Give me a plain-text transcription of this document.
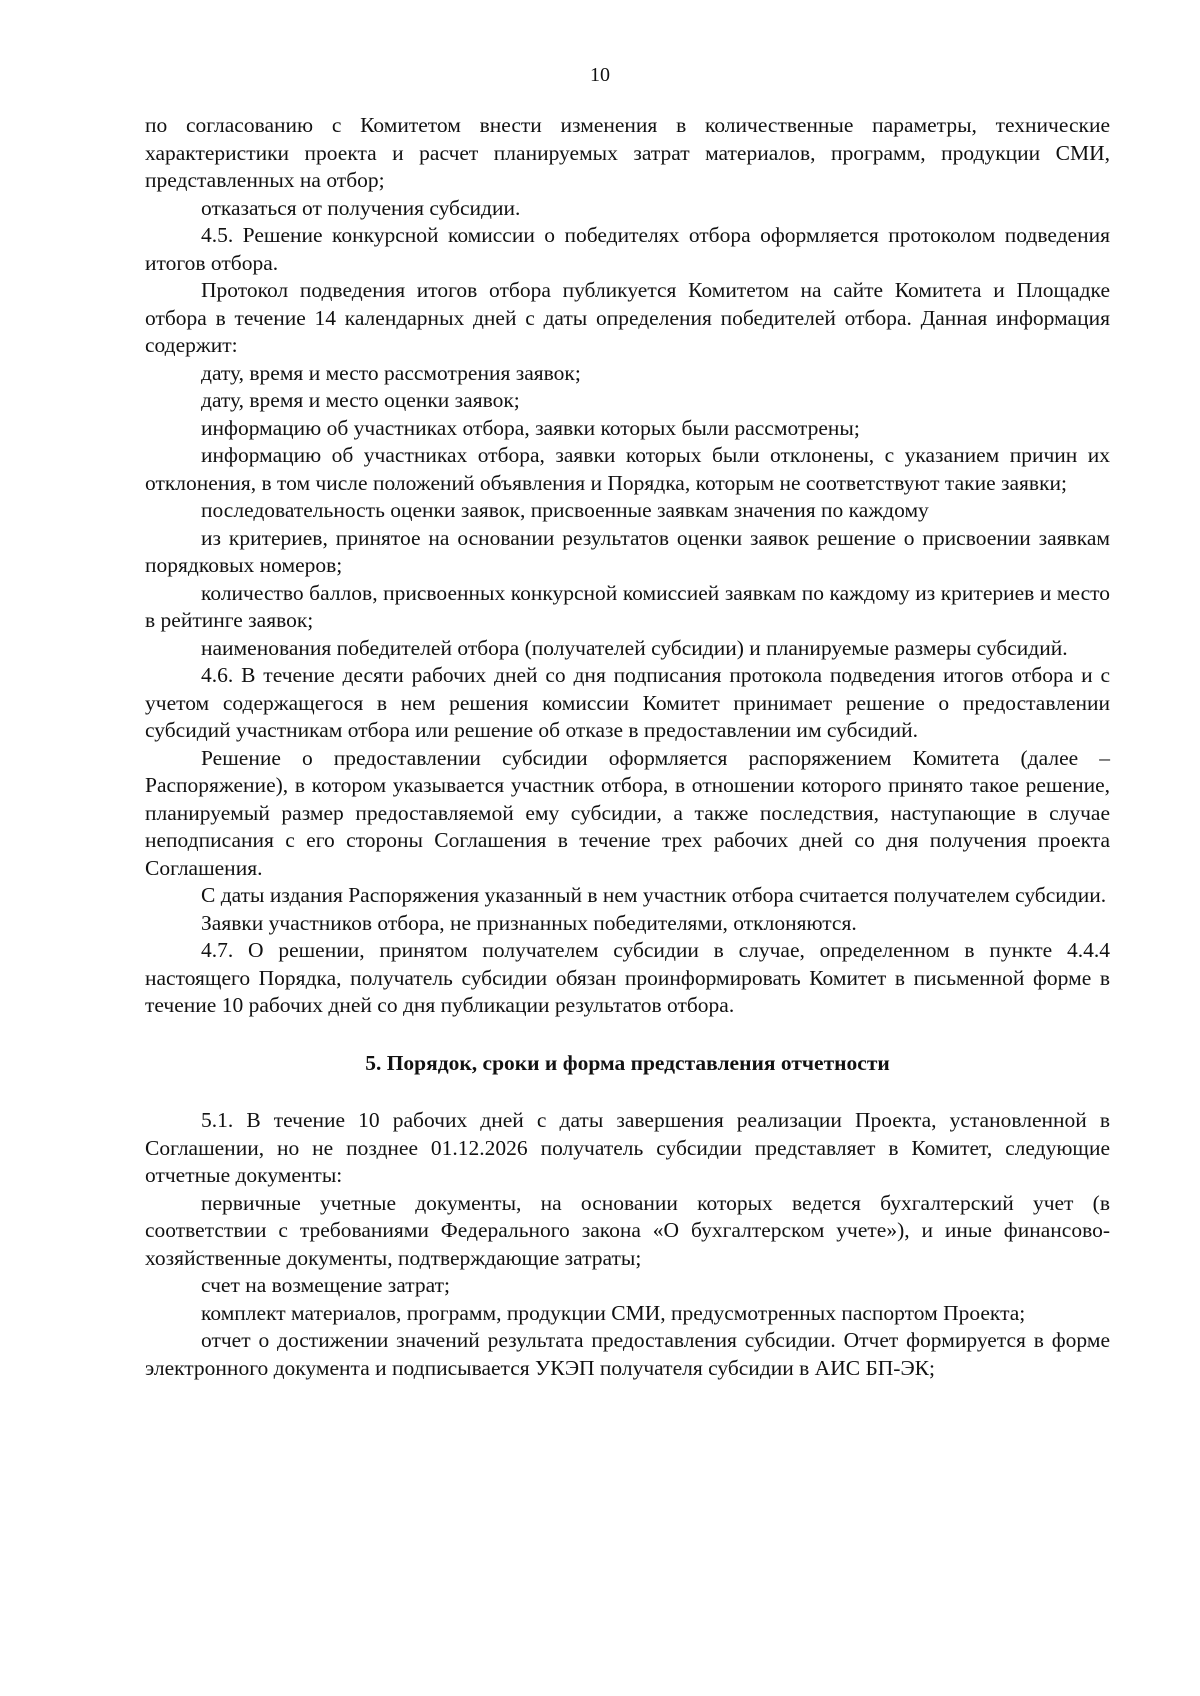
10

по согласованию с Комитетом внести изменения в количественные параметры, технические характеристики проекта и расчет планируемых затрат материалов, программ, продукции СМИ, представленных на отбор;

отказаться от получения субсидии.

4.5. Решение конкурсной комиссии о победителях отбора оформляется протоколом подведения итогов отбора.

Протокол подведения итогов отбора публикуется Комитетом на сайте Комитета и Площадке отбора в течение 14 календарных дней с даты определения победителей отбора. Данная информация содержит:

дату, время и место рассмотрения заявок;

дату, время и место оценки заявок;

информацию об участниках отбора, заявки которых были рассмотрены;

информацию об участниках отбора, заявки которых были отклонены, с указанием причин их отклонения, в том числе положений объявления и Порядка, которым не соответствуют такие заявки;

последовательность оценки заявок, присвоенные заявкам значения по каждому

из критериев, принятое на основании результатов оценки заявок решение о присвоении заявкам порядковых номеров;

количество баллов, присвоенных конкурсной комиссией заявкам по каждому из критериев и место в рейтинге заявок;

наименования победителей отбора (получателей субсидии) и планируемые размеры субсидий.

4.6. В течение десяти рабочих дней со дня подписания протокола подведения итогов отбора и с учетом содержащегося в нем решения комиссии Комитет принимает решение о предоставлении субсидий участникам отбора или решение об отказе в предоставлении им субсидий.

Решение о предоставлении субсидии оформляется распоряжением Комитета (далее – Распоряжение), в котором указывается участник отбора, в отношении которого принято такое решение, планируемый размер предоставляемой ему субсидии, а также последствия, наступающие в случае неподписания с его стороны Соглашения в течение трех рабочих дней со дня получения проекта Соглашения.

С даты издания Распоряжения указанный в нем участник отбора считается получателем субсидии.

Заявки участников отбора, не признанных победителями, отклоняются.

4.7. О решении, принятом получателем субсидии в случае, определенном в пункте 4.4.4 настоящего Порядка, получатель субсидии обязан проинформировать Комитет в письменной форме в течение 10 рабочих дней со дня публикации результатов отбора.

5. Порядок, сроки и форма представления отчетности

5.1. В течение 10 рабочих дней с даты завершения реализации Проекта, установленной в Соглашении, но не позднее 01.12.2026 получатель субсидии представляет в Комитет, следующие отчетные документы:

первичные учетные документы, на основании которых ведется бухгалтерский учет (в соответствии с требованиями Федерального закона «О бухгалтерском учете»), и иные финансово-хозяйственные документы, подтверждающие затраты;

счет на возмещение затрат;

комплект материалов, программ, продукции СМИ, предусмотренных паспортом Проекта;

отчет о достижении значений результата предоставления субсидии. Отчет формируется в форме электронного документа и подписывается УКЭП получателя субсидии в АИС БП-ЭК;
